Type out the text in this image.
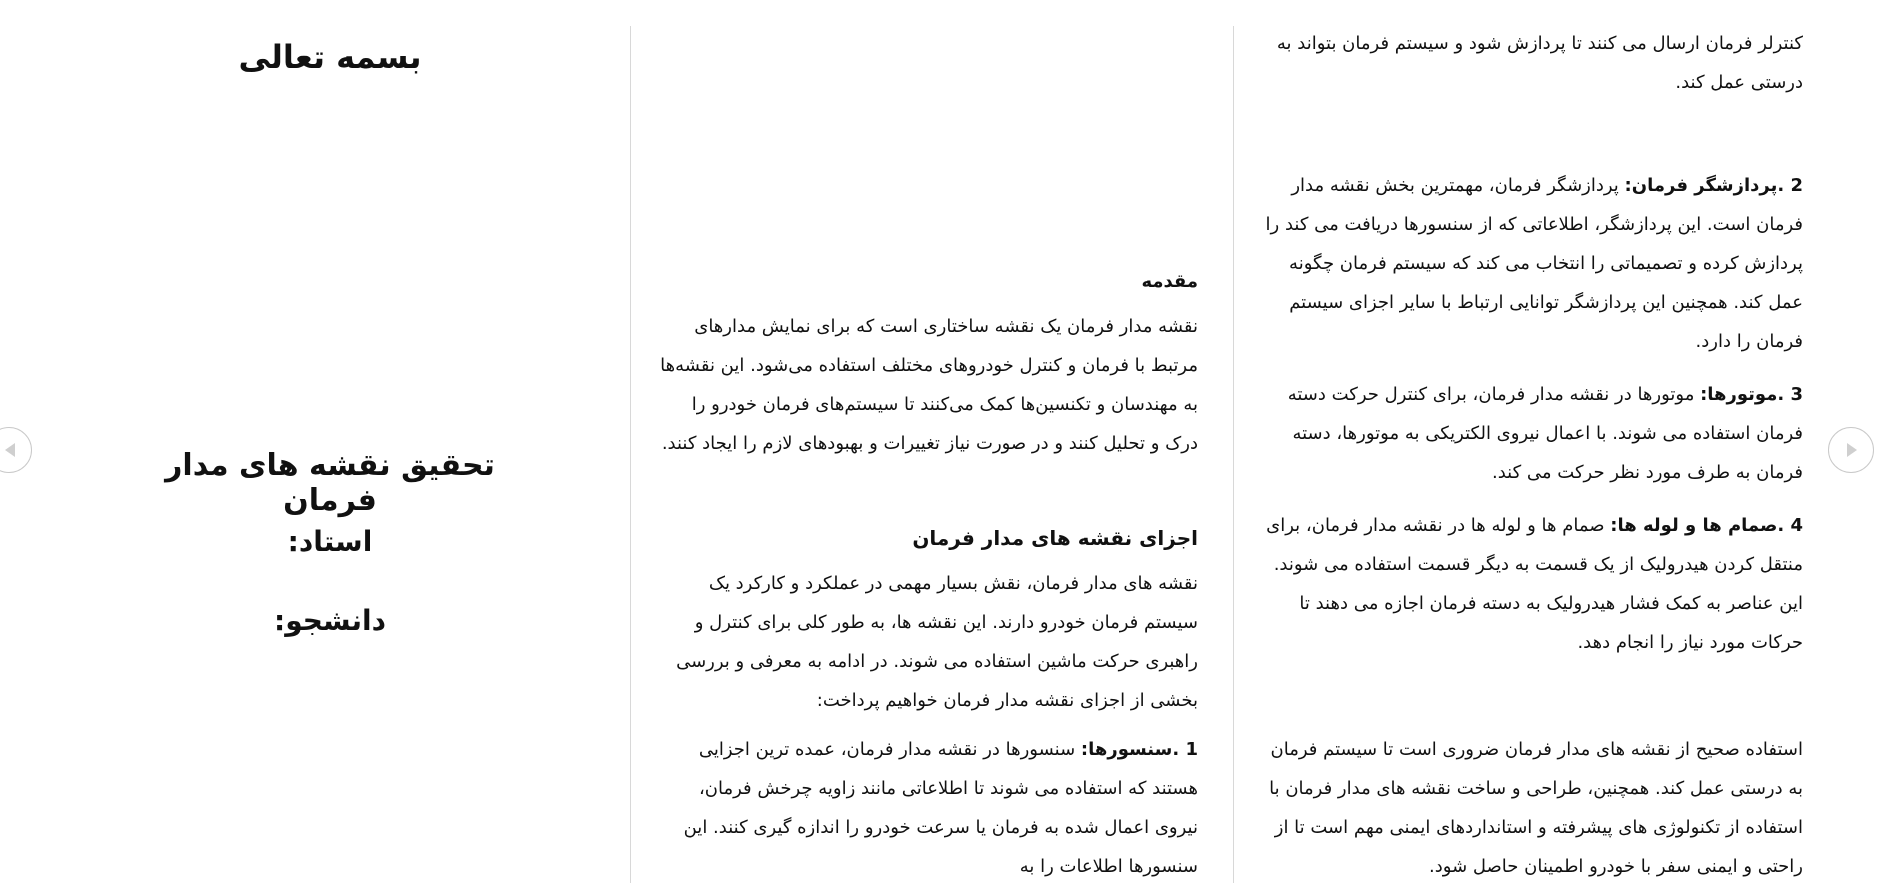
بسمه تعالی
تحقیق نقشه های مدار فرمان
استاد:
دانشجو:
مقدمه

نقشه مدار فرمان یک نقشه ساختاری است که برای نمایش مدارهای مرتبط با فرمان و کنترل خودروهای مختلف استفاده می‌شود. این نقشه‌ها به مهندسان و تکنسین‌ها کمک می‌کنند تا سیستم‌های فرمان خودرو را درک و تحلیل کنند و در صورت نیاز تغییرات و بهبودهای لازم را ایجاد کنند.

اجزای نقشه های مدار فرمان

نقشه های مدار فرمان، نقش بسیار مهمی در عملکرد و کارکرد یک سیستم فرمان خودرو دارند. این نقشه ها، به طور کلی برای کنترل و راهبری حرکت ماشین استفاده می شوند. در ادامه به معرفی و بررسی بخشی از اجزای نقشه مدار فرمان خواهیم پرداخت:

1 .سنسورها: سنسورها در نقشه مدار فرمان، عمده ترین اجزایی هستند که استفاده می شوند تا اطلاعاتی مانند زاویه چرخش فرمان، نیروی اعمال شده به فرمان یا سرعت خودرو را اندازه گیری کنند. این سنسورها اطلاعات را به

کنترلر فرمان ارسال می کنند تا پردازش شود و سیستم فرمان بتواند به درستی عمل کند.

2 .پردازشگر فرمان: پردازشگر فرمان، مهمترین بخش نقشه مدار فرمان است. این پردازشگر، اطلاعاتی که از سنسورها دریافت می کند را پردازش کرده و تصمیماتی را انتخاب می کند که سیستم فرمان چگونه عمل کند. همچنین این پردازشگر توانایی ارتباط با سایر اجزای سیستم فرمان را دارد.

3 .موتورها: موتورها در نقشه مدار فرمان، برای کنترل حرکت دسته فرمان استفاده می شوند. با اعمال نیروی الکتریکی به موتورها، دسته فرمان به طرف مورد نظر حرکت می کند.

4 .صمام ها و لوله ها: صمام ها و لوله ها در نقشه مدار فرمان، برای منتقل کردن هیدرولیک از یک قسمت به دیگر قسمت استفاده می شوند. این عناصر به کمک فشار هیدرولیک به دسته فرمان اجازه می دهند تا حرکات مورد نیاز را انجام دهد.

استفاده صحیح از نقشه های مدار فرمان ضروری است تا سیستم فرمان به درستی عمل کند. همچنین، طراحی و ساخت نقشه های مدار فرمان با استفاده از تکنولوژی های پیشرفته و استانداردهای ایمنی مهم است تا از راحتی و ایمنی سفر با خودرو اطمینان حاصل شود.
